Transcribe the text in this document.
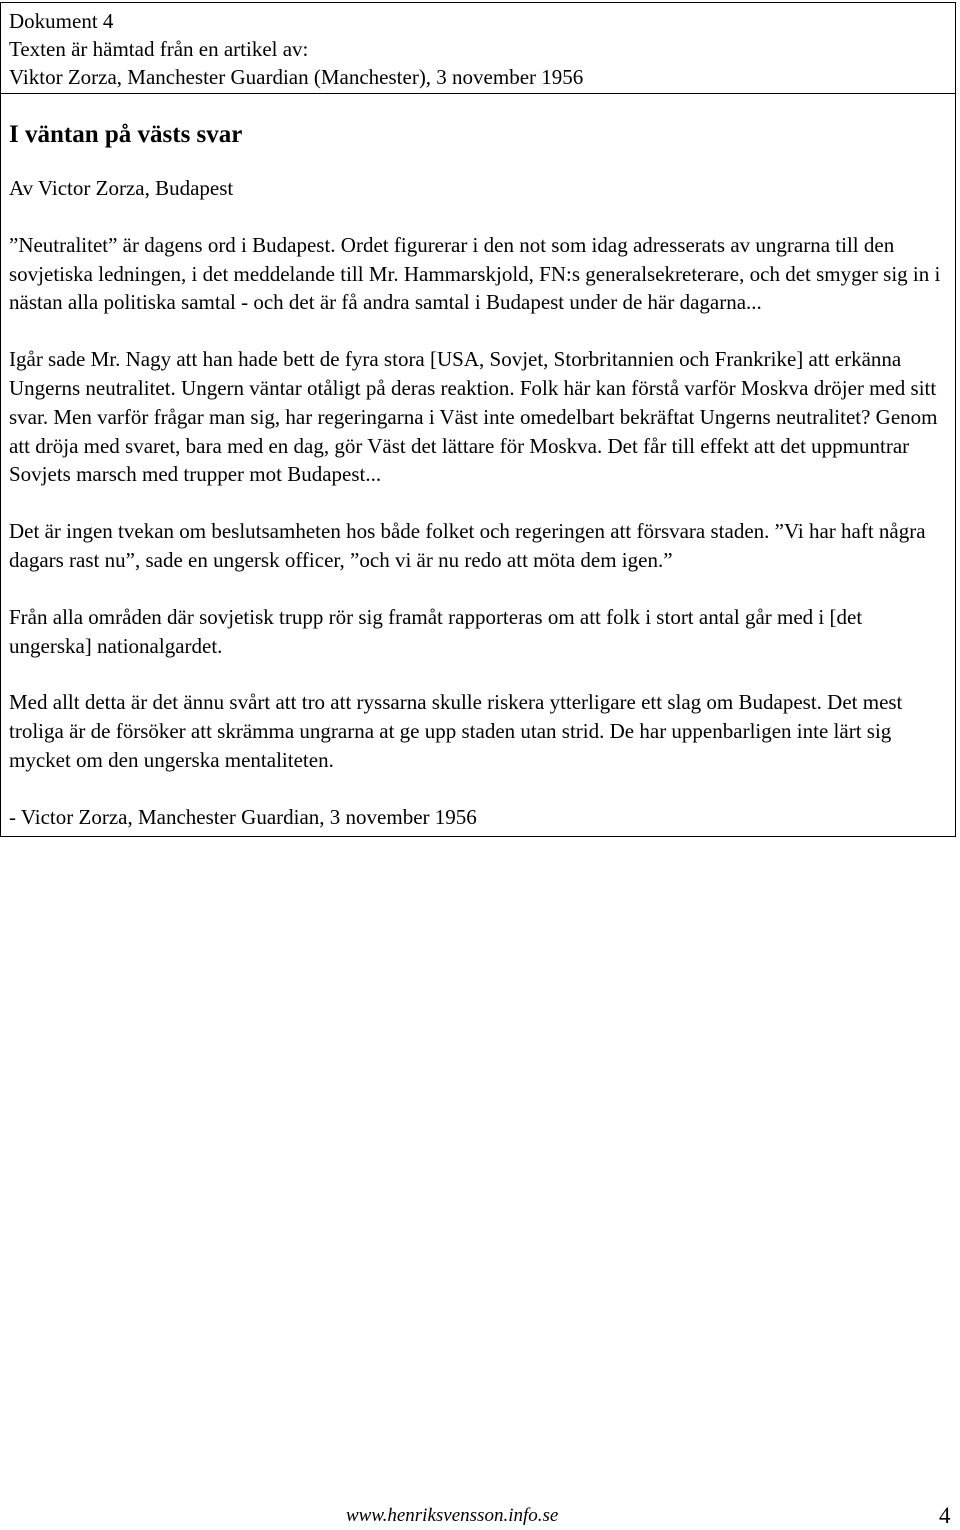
Dokument 4
Texten är hämtad från en artikel av:
Viktor Zorza, Manchester Guardian (Manchester), 3 november 1956
I väntan på västs svar
Av Victor Zorza, Budapest

”Neutralitet” är dagens ord i Budapest. Ordet figurerar i den not som idag adresserats av ungrarna till den sovjetiska ledningen, i det meddelande till Mr. Hammarskjold, FN:s generalsekreterare, och det smyger sig in i nästan alla politiska samtal - och det är få andra samtal i Budapest under de här dagarna...

Igår sade Mr. Nagy att han hade bett de fyra stora [USA, Sovjet, Storbritannien och Frankrike] att erkänna Ungerns neutralitet. Ungern väntar otåligt på deras reaktion. Folk här kan förstå varför Moskva dröjer med sitt svar. Men varför frågar man sig, har regeringarna i Väst inte omedelbart bekräftat Ungerns neutralitet? Genom att dröja med svaret, bara med en dag, gör Väst det lättare för Moskva. Det får till effekt att det uppmuntrar Sovjets marsch med trupper mot Budapest...

Det är ingen tvekan om beslutsamheten hos både folket och regeringen att försvara staden. ”Vi har haft några dagars rast nu”, sade en ungersk officer, ”och vi är nu redo att möta dem igen.”

Från alla områden där sovjetisk trupp rör sig framåt rapporteras om att folk i stort antal går med i [det ungerska] nationalgardet.

Med allt detta är det ännu svårt att tro att ryssarna skulle riskera ytterligare ett slag om Budapest. Det mest troliga är de försöker att skrämma ungrarna at ge upp staden utan strid. De har uppenbarligen inte lärt sig mycket om den ungerska mentaliteten.

- Victor Zorza, Manchester Guardian, 3 november 1956

www.henriksvensson.info.se	4
